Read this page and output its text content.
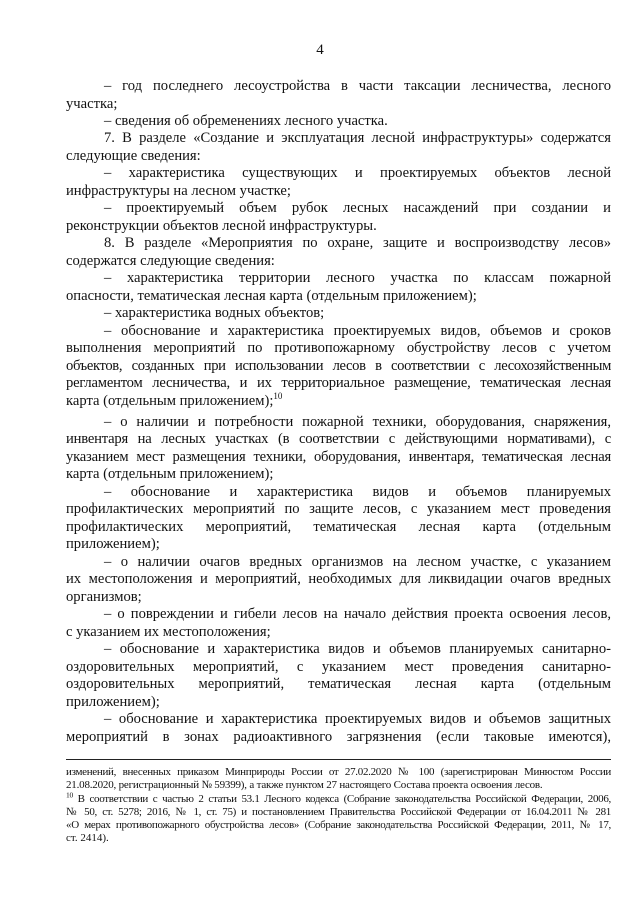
4
– год последнего лесоустройства в части таксации лесничества, лесного
участка;
– сведения об обременениях лесного участка.
7. В разделе «Создание и эксплуатация лесной инфраструктуры» содержатся
следующие сведения:
– характеристика существующих и проектируемых объектов лесной
инфраструктуры на лесном участке;
– проектируемый объем рубок лесных насаждений при создании и
реконструкции объектов лесной инфраструктуры.
8. В разделе «Мероприятия по охране, защите и воспроизводству лесов»
содержатся следующие сведения:
– характеристика территории лесного участка по классам пожарной
опасности, тематическая лесная карта (отдельным приложением);
– характеристика водных объектов;
– обоснование и характеристика проектируемых видов, объемов и сроков
выполнения мероприятий по противопожарному обустройству лесов с учетом
объектов, созданных при использовании лесов в соответствии с лесохозяйственным
регламентом лесничества, и их территориальное размещение, тематическая лесная
карта (отдельным приложением);$^{10}$
– о наличии и потребности пожарной техники, оборудования, снаряжения,
инвентаря на лесных участках (в соответствии с действующими нормативами), с
указанием мест размещения техники, оборудования, инвентаря, тематическая лесная
карта (отдельным приложением);
– обоснование и характеристика видов и объемов планируемых
профилактических мероприятий по защите лесов, с указанием мест проведения
профилактических мероприятий, тематическая лесная карта (отдельным
приложением);
– о наличии очагов вредных организмов на лесном участке, с указанием
их местоположения и мероприятий, необходимых для ликвидации очагов вредных
организмов;
– о повреждении и гибели лесов на начало действия проекта освоения лесов,
с указанием их местоположения;
– обоснование и характеристика видов и объемов планируемых санитарно-
оздоровительных мероприятий, с указанием мест проведения санитарно-
оздоровительных мероприятий, тематическая лесная карта (отдельным
приложением);
– обоснование и характеристика проектируемых видов и объемов защитных
мероприятий в зонах радиоактивного загрязнения (если таковые имеются),
изменений, внесенных приказом Минприроды России от 27.02.2020 № 100 (зарегистрирован Минюстом России
21.08.2020, регистрационный № 59399), а также пунктом 27 настоящего Состава проекта освоения лесов.
$^{10}$ В соответствии с частью 2 статьи 53.1 Лесного кодекса (Собрание законодательства Российской Федерации, 2006,
№ 50, ст. 5278; 2016, № 1, ст. 75) и постановлением Правительства Российской Федерации от 16.04.2011 № 281
«О мерах противопожарного обустройства лесов» (Собрание законодательства Российской Федерации, 2011, № 17,
ст. 2414).
